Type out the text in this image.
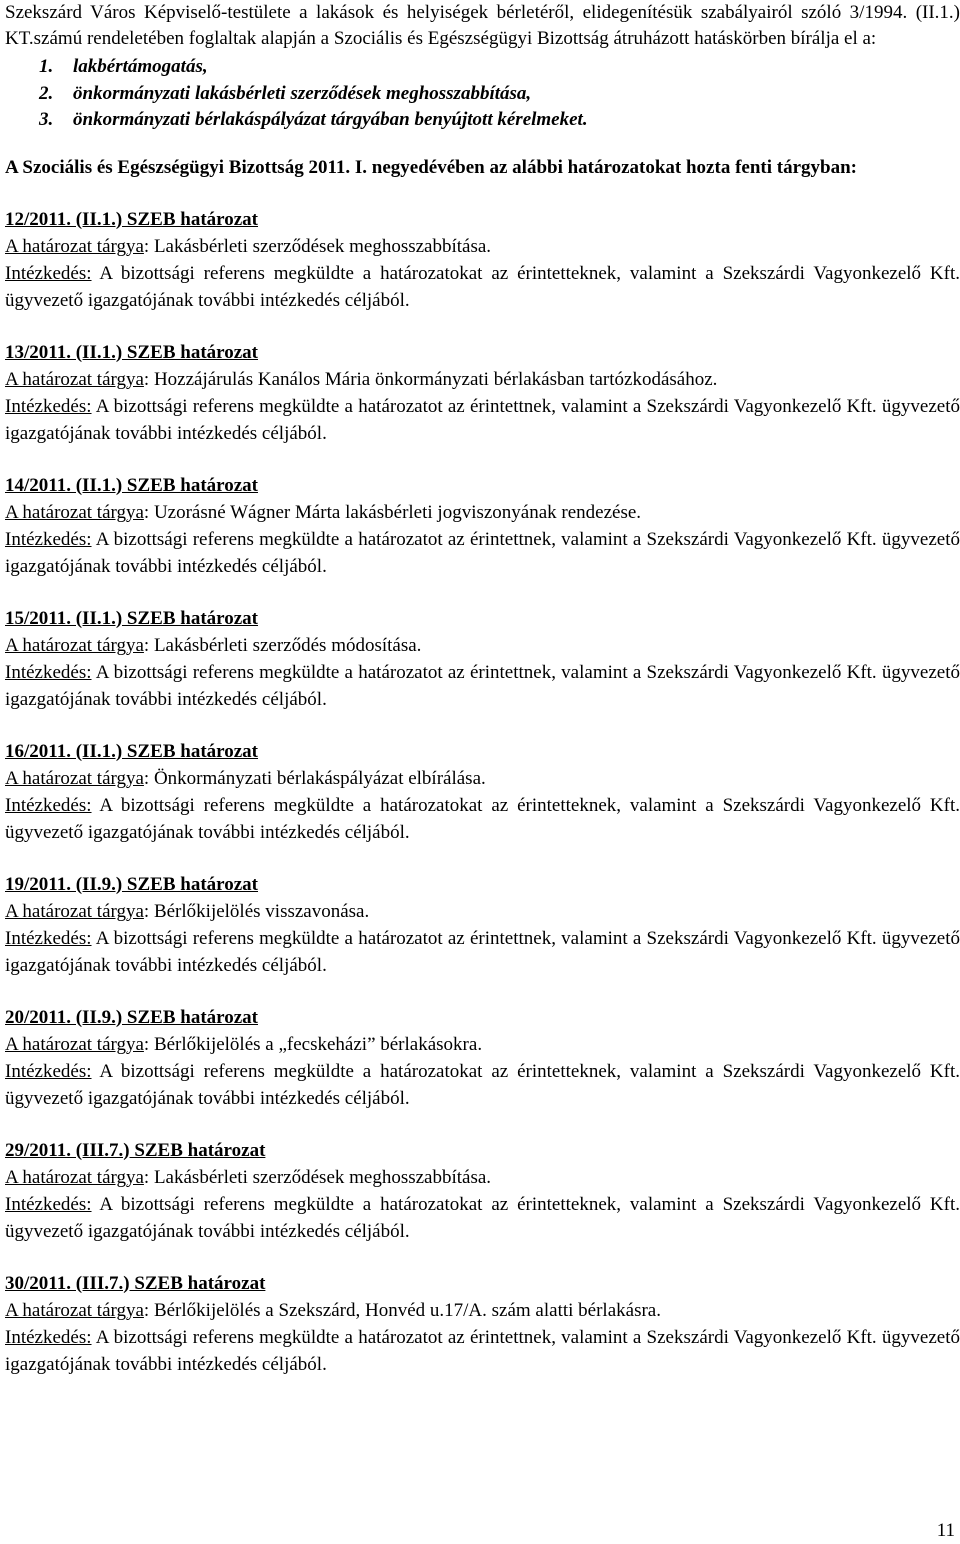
Szekszárd Város Képviselő-testülete a lakások és helyiségek bérletéről, elidegenítésük szabályairól szóló 3/1994. (II.1.) KT.számú rendeletében foglaltak alapján a Szociális és Egészségügyi Bizottság átruházott hatáskörben bírálja el a:

1. lakbértámogatás,
2. önkormányzati lakásbérleti szerződések meghosszabbítása,
3. önkormányzati bérlakáspályázat tárgyában benyújtott kérelmeket.

A Szociális és Egészségügyi Bizottság 2011. I. negyedévében az alábbi határozatokat hozta fenti tárgyban:

12/2011. (II.1.) SZEB határozat
A határozat tárgya: Lakásbérleti szerződések meghosszabbítása.
Intézkedés: A bizottsági referens megküldte a határozatokat az érintetteknek, valamint a Szekszárdi Vagyonkezelő Kft. ügyvezető igazgatójának további intézkedés céljából.
13/2011. (II.1.) SZEB határozat
A határozat tárgya: Hozzájárulás Kanálos Mária önkormányzati bérlakásban tartózkodásához.
Intézkedés: A bizottsági referens megküldte a határozatot az érintettnek, valamint a Szekszárdi Vagyonkezelő Kft. ügyvezető igazgatójának további intézkedés céljából.
14/2011. (II.1.) SZEB határozat
A határozat tárgya: Uzorásné Wágner Márta lakásbérleti jogviszonyának rendezése.
Intézkedés: A bizottsági referens megküldte a határozatot az érintettnek, valamint a Szekszárdi Vagyonkezelő Kft. ügyvezető igazgatójának további intézkedés céljából.
15/2011. (II.1.) SZEB határozat
A határozat tárgya: Lakásbérleti szerződés módosítása.
Intézkedés: A bizottsági referens megküldte a határozatot az érintettnek, valamint a Szekszárdi Vagyonkezelő Kft. ügyvezető igazgatójának további intézkedés céljából.
16/2011. (II.1.) SZEB határozat
A határozat tárgya: Önkormányzati bérlakáspályázat elbírálása.
Intézkedés: A bizottsági referens megküldte a határozatokat az érintetteknek, valamint a Szekszárdi Vagyonkezelő Kft. ügyvezető igazgatójának további intézkedés céljából.
19/2011. (II.9.) SZEB határozat
A határozat tárgya: Bérlőkijelölés visszavonása.
Intézkedés: A bizottsági referens megküldte a határozatot az érintettnek, valamint a Szekszárdi Vagyonkezelő Kft. ügyvezető igazgatójának további intézkedés céljából.
20/2011. (II.9.) SZEB határozat
A határozat tárgya: Bérlőkijelölés a „fecskeházi” bérlakásokra.
Intézkedés: A bizottsági referens megküldte a határozatokat az érintetteknek, valamint a Szekszárdi Vagyonkezelő Kft. ügyvezető igazgatójának további intézkedés céljából.
29/2011. (III.7.) SZEB határozat
A határozat tárgya: Lakásbérleti szerződések meghosszabbítása.
Intézkedés: A bizottsági referens megküldte a határozatokat az érintetteknek, valamint a Szekszárdi Vagyonkezelő Kft. ügyvezető igazgatójának további intézkedés céljából.
30/2011. (III.7.) SZEB határozat
A határozat tárgya: Bérlőkijelölés a Szekszárd, Honvéd u.17/A. szám alatti bérlakásra.
Intézkedés: A bizottsági referens megküldte a határozatot az érintettnek, valamint a Szekszárdi Vagyonkezelő Kft. ügyvezető igazgatójának további intézkedés céljából.
11
